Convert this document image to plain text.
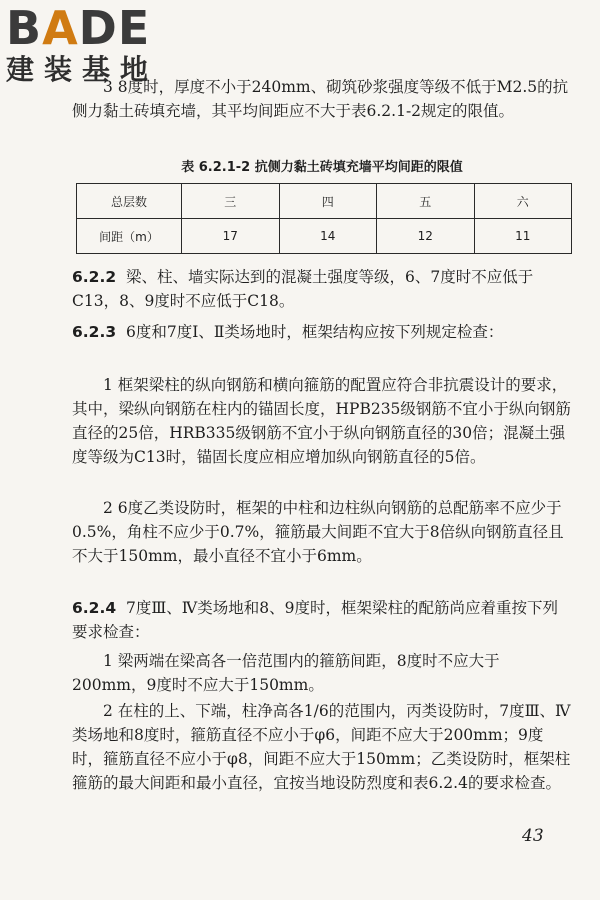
BADE
建装基地

3 8度时，厚度不小于240mm、砌筑砂浆强度等级不低于M2.5的抗侧力黏土砖填充墙，其平均间距应不大于表6.2.1-2规定的限值。

6.2.2 梁、柱、墙实际达到的混凝土强度等级，6、7度时不应低于C13，8、9度时不应低于C18。

6.2.3 6度和7度Ⅰ、Ⅱ类场地时，框架结构应按下列规定检查：

1 框架梁柱的纵向钢筋和横向箍筋的配置应符合非抗震设计的要求，其中，梁纵向钢筋在柱内的锚固长度，HPB235级钢筋不宜小于纵向钢筋直径的25倍，HRB335级钢筋不宜小于纵向钢筋直径的30倍；混凝土强度等级为C13时，锚固长度应相应增加纵向钢筋直径的5倍。

2 6度乙类设防时，框架的中柱和边柱纵向钢筋的总配筋率不应少于0.5%，角柱不应少于0.7%，箍筋最大间距不宜大于8倍纵向钢筋直径且不大于150mm，最小直径不宜小于6mm。

6.2.4 7度Ⅲ、Ⅳ类场地和8、9度时，框架梁柱的配筋尚应着重按下列要求检查：

1 梁两端在梁高各一倍范围内的箍筋间距，8度时不应大于200mm，9度时不应大于150mm。

2 在柱的上、下端，柱净高各1/6的范围内，丙类设防时，7度Ⅲ、Ⅳ类场地和8度时，箍筋直径不应小于φ6，间距不应大于200mm；9度时，箍筋直径不应小于φ8，间距不应大于150mm；乙类设防时，框架柱箍筋的最大间距和最小直径，宜按当地设防烈度和表6.2.4的要求检查。

表 6.2.1-2 抗侧力黏土砖填充墙平均间距的限值
总层数	三	四	五	六
间距（m）	17	14	12	11
43
